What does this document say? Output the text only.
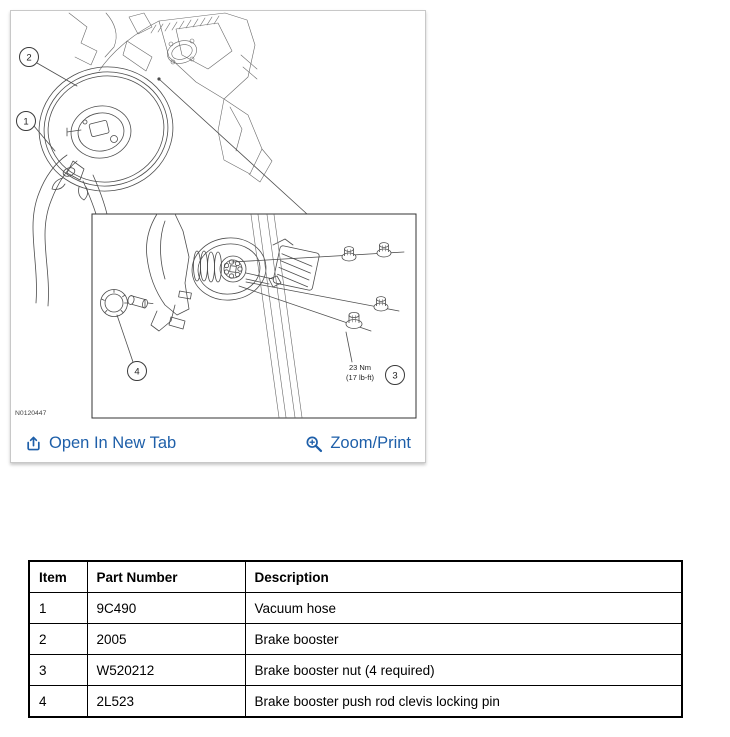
2
1
4	23 Nm
(17 lb-ft) 3
N0120447
Open In New Tab	Zoom/Print
Item	Part Number	Description
1	9C490	Vacuum hose
2	2005	Brake booster
3	W520212	Brake booster nut (4 required)
4	2L523	Brake booster push rod clevis locking pin
